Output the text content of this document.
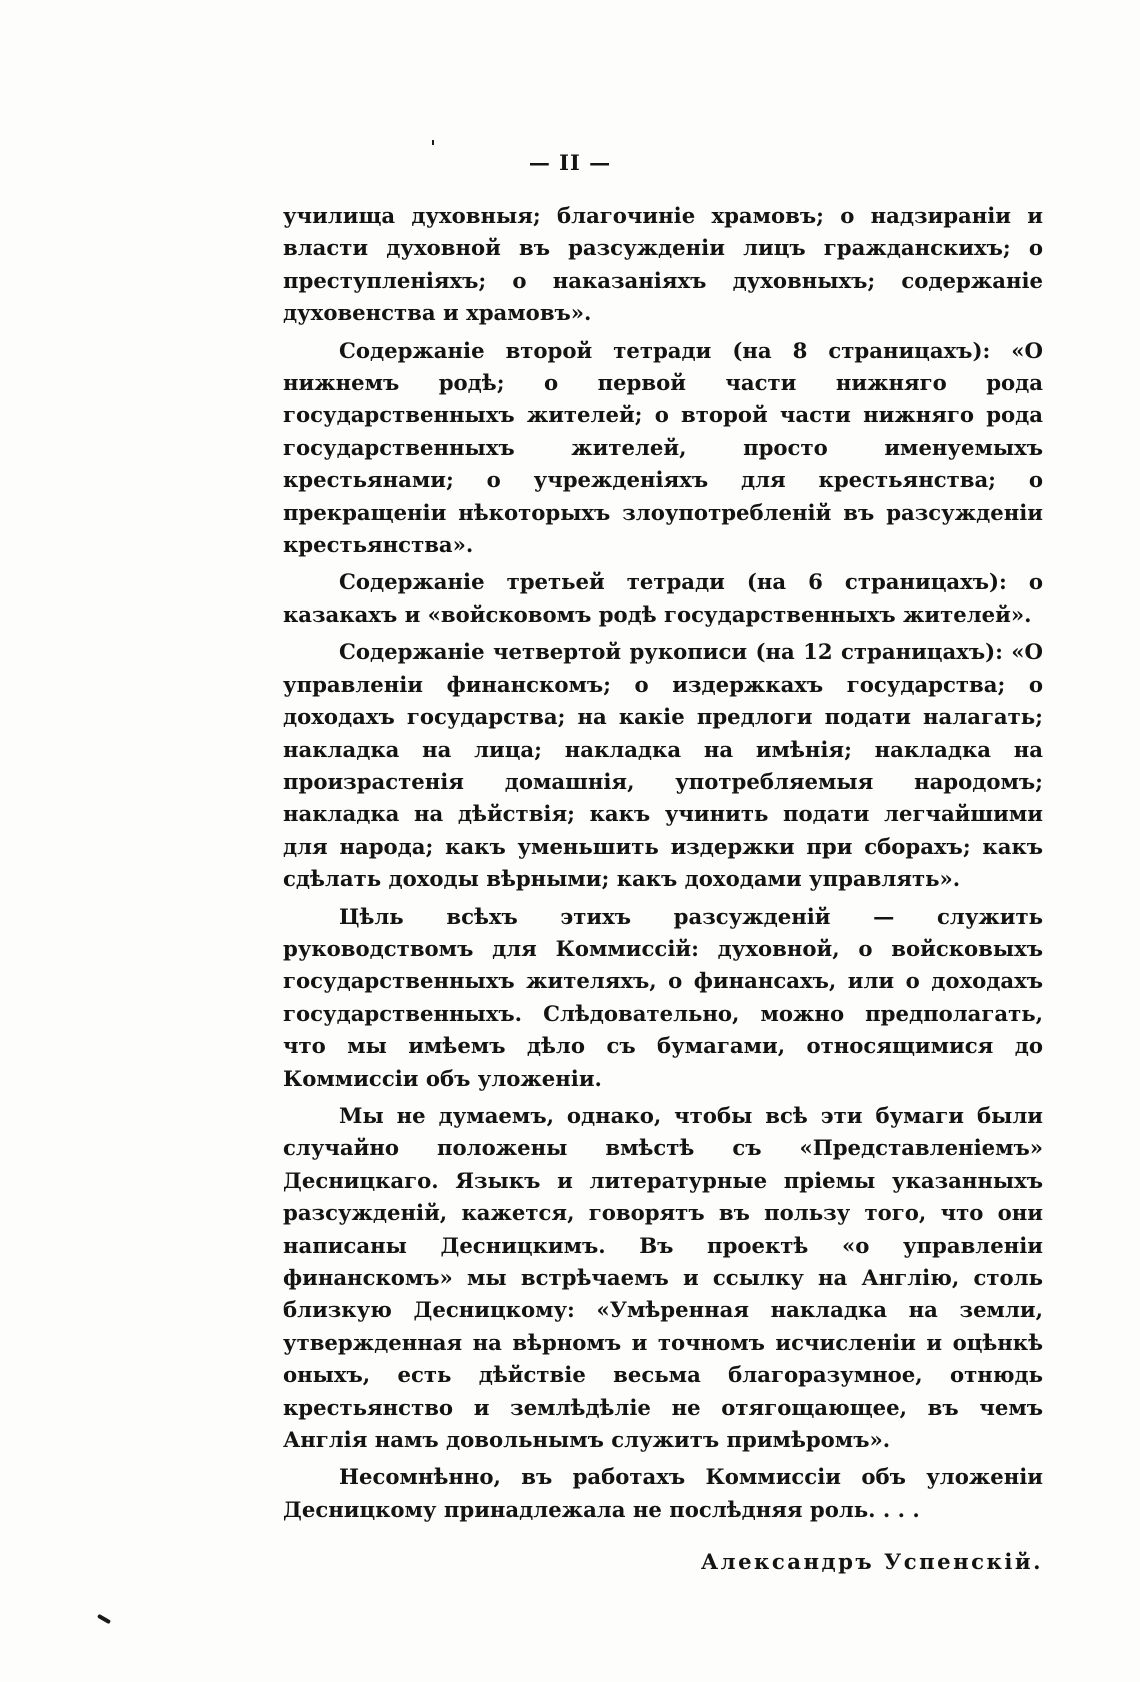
— II —

училища духовныя; благочиніе храмовъ; о надзираніи и власти духовной въ разсужденіи лицъ гражданскихъ; о преступленіяхъ; о наказаніяхъ духовныхъ; содержаніе духовенства и храмовъ».

Содержаніе второй тетради (на 8 страницахъ): «О нижнемъ родѣ; о первой части нижняго рода государственныхъ жителей; о второй части нижняго рода государственныхъ жителей, просто именуемыхъ крестьянами; о учрежденіяхъ для крестьянства; о прекращеніи нѣкоторыхъ злоупотребленій въ разсужденіи крестьянства».

Содержаніе третьей тетради (на 6 страницахъ): о казакахъ и «войсковомъ родѣ государственныхъ жителей».

Содержаніе четвертой рукописи (на 12 страницахъ): «О управленіи финанскомъ; о издержкахъ государства; о доходахъ государства; на какіе предлоги подати налагать; накладка на лица; накладка на имѣнія; накладка на произрастенія домашнія, употребляемыя народомъ; накладка на дѣйствія; какъ учинить подати легчайшими для народа; какъ уменьшить издержки при сборахъ; какъ сдѣлать доходы вѣрными; какъ доходами управлять».

Цѣль всѣхъ этихъ разсужденій — служить руководствомъ для Коммиссій: духовной, о войсковыхъ государственныхъ жителяхъ, о финансахъ, или о доходахъ государственныхъ. Слѣдовательно, можно предполагать, что мы имѣемъ дѣло съ бумагами, относящимися до Коммиссіи объ уложеніи.

Мы не думаемъ, однако, чтобы всѣ эти бумаги были случайно положены вмѣстѣ съ «Представленіемъ» Десницкаго. Языкъ и литературные пріемы указанныхъ разсужденій, кажется, говорятъ въ пользу того, что они написаны Десницкимъ. Въ проектѣ «о управленіи финанскомъ» мы встрѣчаемъ и ссылку на Англію, столь близкую Десницкому: «Умѣренная накладка на земли, утвержденная на вѣрномъ и точномъ исчисленіи и оцѣнкѣ оныхъ, есть дѣйствіе весьма благоразумное, отнюдь крестьянство и землѣдѣліе не отягощающее, въ чемъ Англія намъ довольнымъ служитъ примѣромъ».

Несомнѣнно, въ работахъ Коммиссіи объ уложеніи Десницкому принадлежала не послѣдняя роль. . . .

Александръ Успенскій.
